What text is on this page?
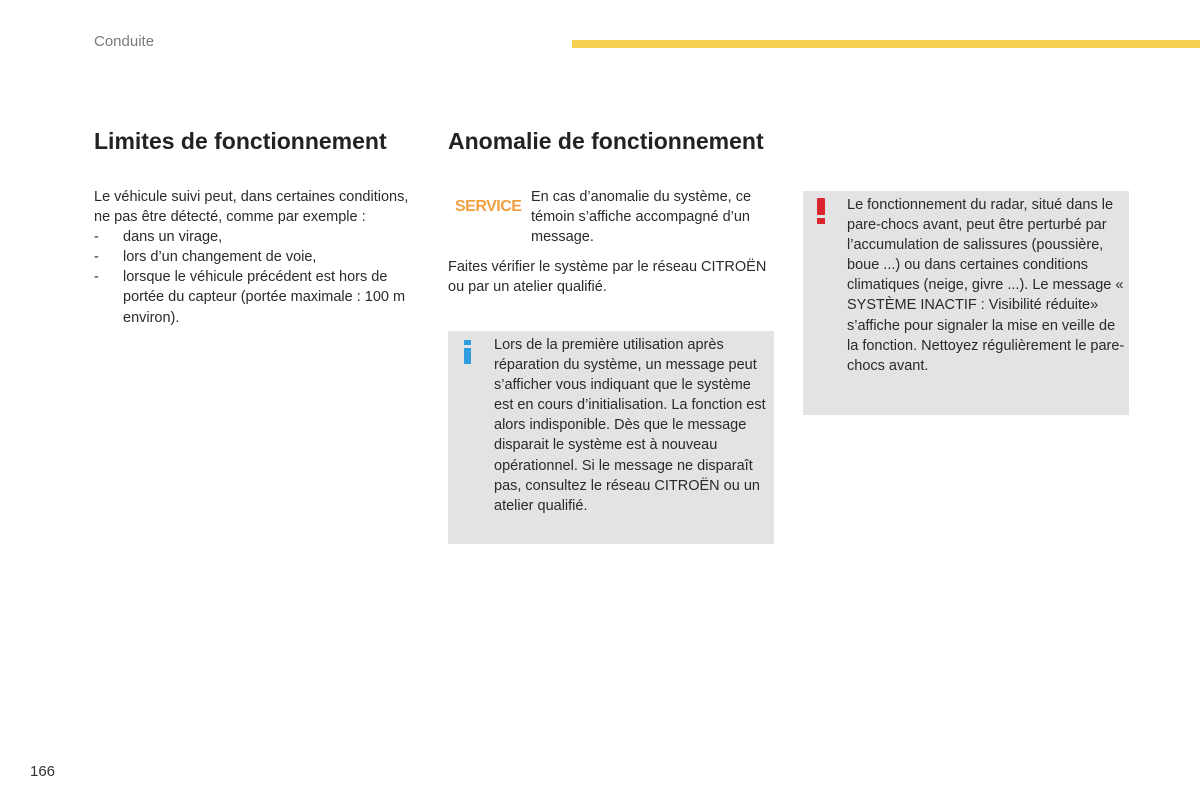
Conduite

Limites de fonctionnement

Le véhicule suivi peut, dans certaines conditions, ne pas être détecté, comme par exemple :

- dans un virage,
- lors d’un changement de voie,
- lorsque le véhicule précédent est hors de portée du capteur (portée maximale : 100 m environ).
Anomalie de fonctionnement
SERVICE

En cas d’anomalie du système, ce témoin s’affiche accompagné d’un message.

Faites vérifier le système par le réseau CITROËN ou par un atelier qualifié.

Lors de la première utilisation après réparation du système, un message peut s’afficher vous indiquant que le système est en cours d’initialisation. La fonction est alors indisponible. Dès que le message disparait le système est à nouveau opérationnel. Si le message ne disparaît pas, consultez le réseau CITROËN ou un atelier qualifié.

Le fonctionnement du radar, situé dans le pare-chocs avant, peut être perturbé par l’accumulation de salissures (poussière, boue ...) ou dans certaines conditions climatiques (neige, givre ...). Le message « SYSTÈME INACTIF : Visibilité réduite» s’affiche pour signaler la mise en veille de la fonction. Nettoyez régulièrement le pare-chocs avant.

166
